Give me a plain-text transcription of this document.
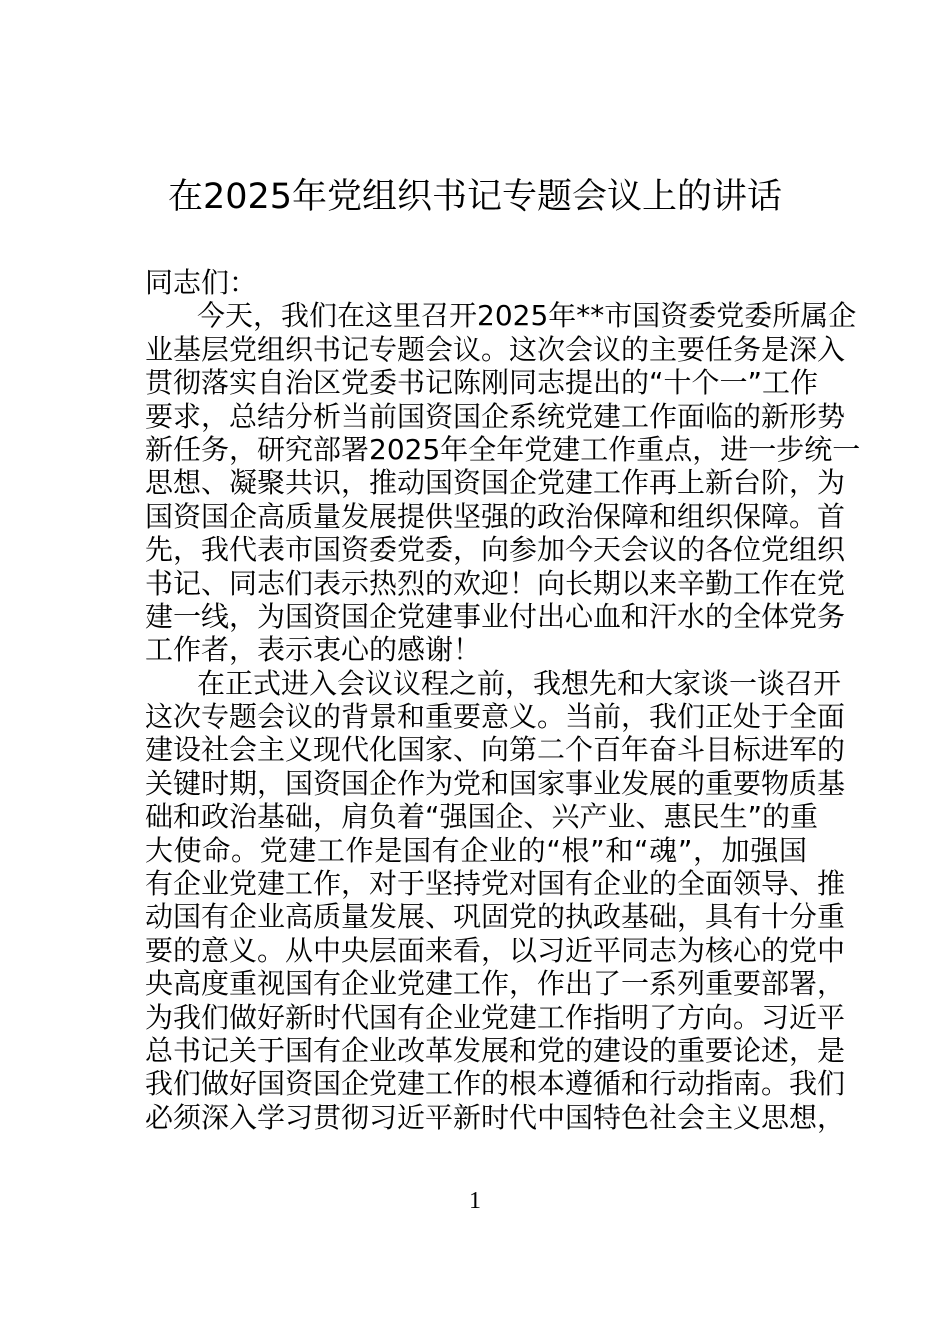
在2025年党组织书记专题会议上的讲话
同志们：
今天，我们在这里召开2025年**市国资委党委所属企
业基层党组织书记专题会议。这次会议的主要任务是深入
贯彻落实自治区党委书记陈刚同志提出的“十个一”工作
要求，总结分析当前国资国企系统党建工作面临的新形势
新任务，研究部署2025年全年党建工作重点，进一步统一
思想、凝聚共识，推动国资国企党建工作再上新台阶，为
国资国企高质量发展提供坚强的政治保障和组织保障。首
先，我代表市国资委党委，向参加今天会议的各位党组织
书记、同志们表示热烈的欢迎！向长期以来辛勤工作在党
建一线，为国资国企党建事业付出心血和汗水的全体党务
工作者，表示衷心的感谢！
在正式进入会议议程之前，我想先和大家谈一谈召开
这次专题会议的背景和重要意义。当前，我们正处于全面
建设社会主义现代化国家、向第二个百年奋斗目标进军的
关键时期，国资国企作为党和国家事业发展的重要物质基
础和政治基础，肩负着“强国企、兴产业、惠民生”的重
大使命。党建工作是国有企业的“根”和“魂”，加强国
有企业党建工作，对于坚持党对国有企业的全面领导、推
动国有企业高质量发展、巩固党的执政基础，具有十分重
要的意义。从中央层面来看，以习近平同志为核心的党中
央高度重视国有企业党建工作，作出了一系列重要部署，
为我们做好新时代国有企业党建工作指明了方向。习近平
总书记关于国有企业改革发展和党的建设的重要论述，是
我们做好国资国企党建工作的根本遵循和行动指南。我们
必须深入学习贯彻习近平新时代中国特色社会主义思想，
1
